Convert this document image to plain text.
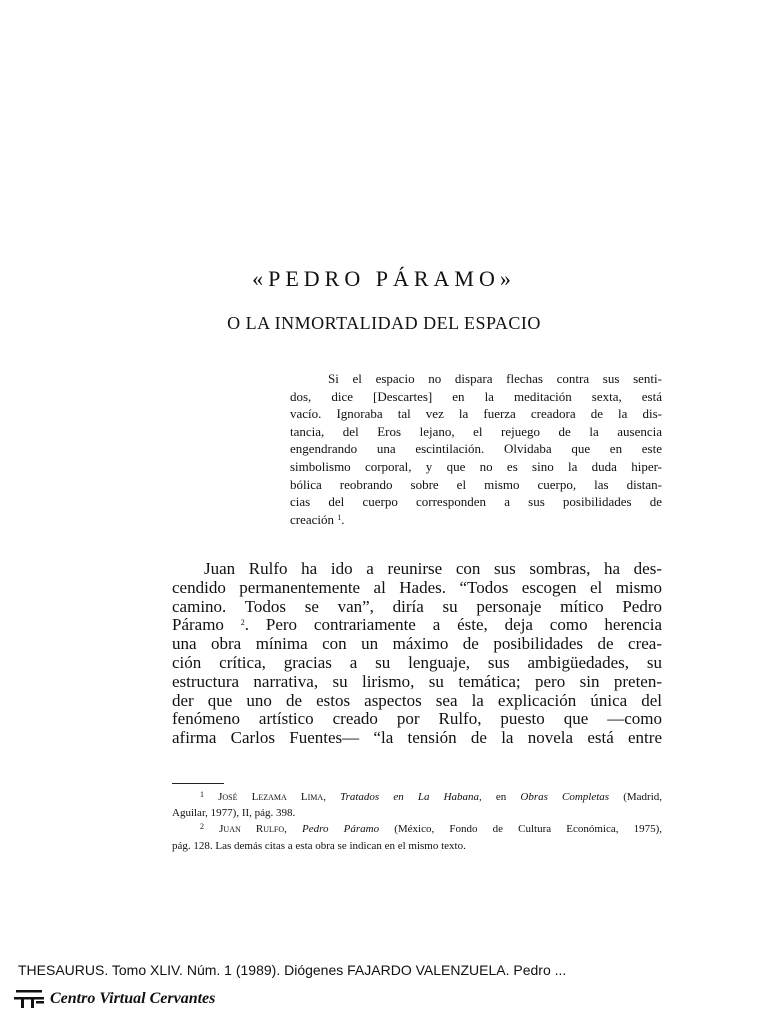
«PEDRO PÁRAMO»
O LA INMORTALIDAD DEL ESPACIO
Si el espacio no dispara flechas contra sus senti-
dos, dice [Descartes] en la meditación sexta, está
vacío. Ignoraba tal vez la fuerza creadora de la dis-
tancia, del Eros lejano, el rejuego de la ausencia
engendrando una escintilación. Olvidaba que en este
simbolismo corporal, y que no es sino la duda hiper-
bólica reobrando sobre el mismo cuerpo, las distan-
cias del cuerpo corresponden a sus posibilidades de
creación $^1$.
Juan Rulfo ha ido a reunirse con sus sombras, ha des-
cendido permanentemente al Hades. “Todos escogen el mismo
camino. Todos se van”, diría su personaje mítico Pedro
Páramo $^2$. Pero contrariamente a éste, deja como herencia
una obra mínima con un máximo de posibilidades de crea-
ción crítica, gracias a su lenguaje, sus ambigüedades, su
estructura narrativa, su lirismo, su temática; pero sin preten-
der que uno de estos aspectos sea la explicación única del
fenómeno artístico creado por Rulfo, puesto que —como
afirma Carlos Fuentes— “la tensión de la novela está entre
$^1$ José Lezama Lima, Tratados en La Habana, en Obras Completas (Madrid,
Aguilar, 1977), II, pág. 398.
$^2$ Juan Rulfo, Pedro Páramo (México, Fondo de Cultura Económica, 1975),
pág. 128. Las demás citas a esta obra se indican en el mismo texto.
THESAURUS. Tomo XLIV. Núm. 1 (1989). Diógenes FAJARDO VALENZUELA. Pedro ...
Centro Virtual Cervantes
